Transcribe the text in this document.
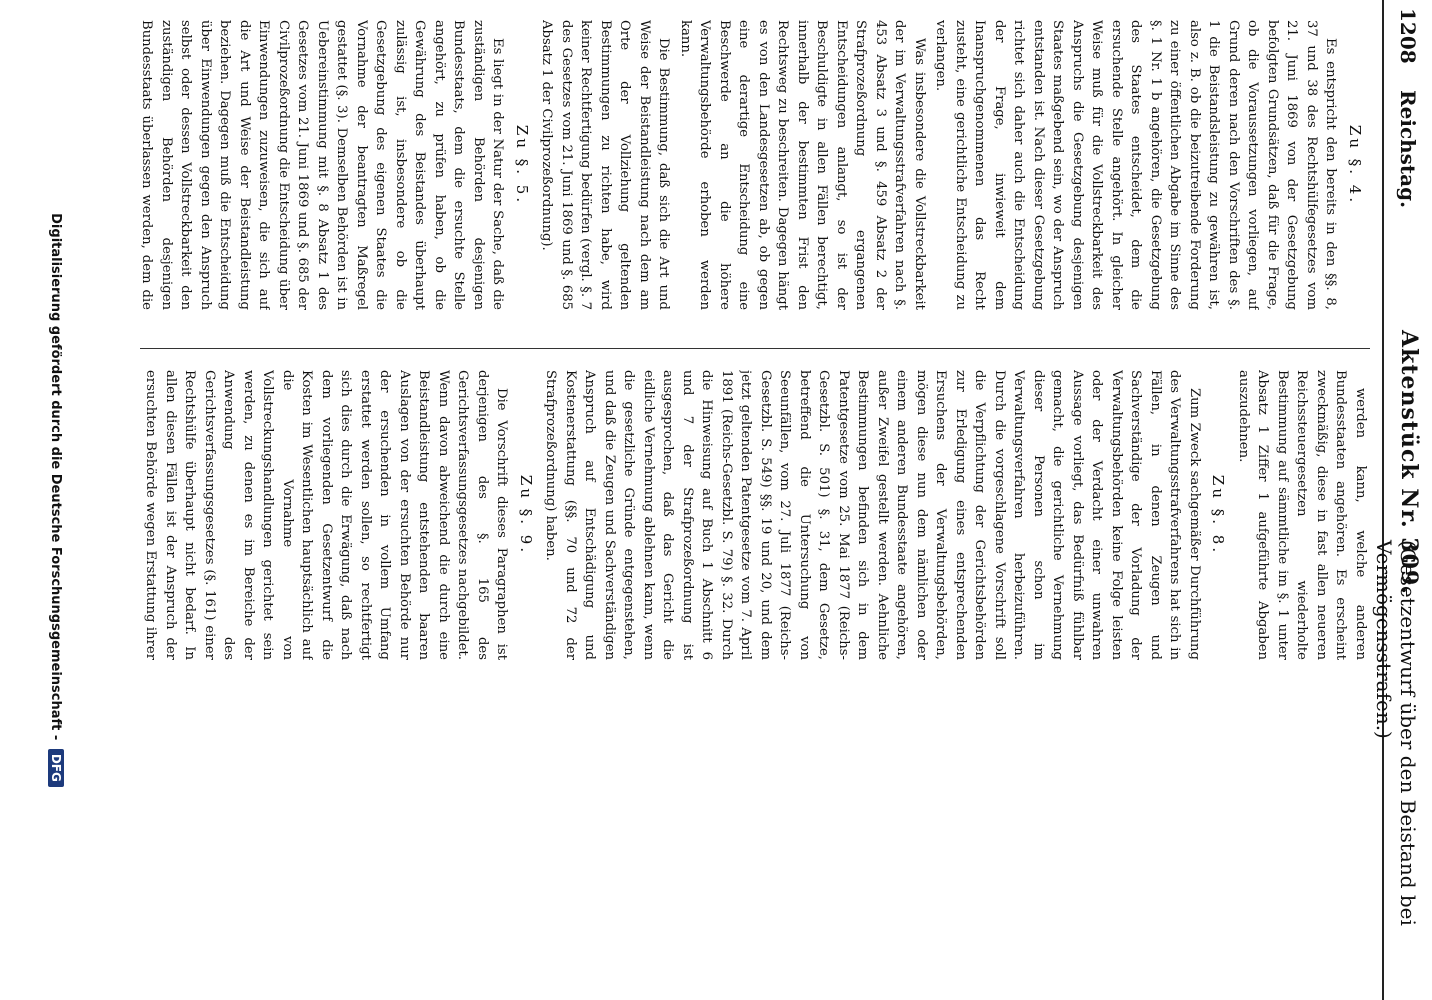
1208
Reichstag.
Aktenstück Nr. 309.
(Gesetzentwurf über den Beistand bei Vermögensstrafen.)
Zu §. 4.
Es entspricht den bereits in den §§. 8, 37 und 38 des Rechtshülfegesetzes vom 21. Juni 1869 von der Gesetzgebung befolgten Grundsätzen, daß für die Frage, ob die Voraussetzungen vorliegen, auf Grund deren nach den Vorschriften des §. 1 die Beistandsleistung zu gewähren ist, also z. B. ob die beizutreibende Forderung zu einer öffentlichen Abgabe im Sinne des §. 1 Nr. 1 b angehören, die Gesetzgebung des Staates entscheidet, dem die ersuchende Stelle angehört. In gleicher Weise muß für die Vollstreckbarkeit des Anspruchs die Gesetzgebung desjenigen Staates maßgebend sein, wo der Anspruch entstanden ist. Nach dieser Gesetzgebung richtet sich daher auch die Entscheidung der Frage, inwieweit dem Inanspruchgenommenen das Recht zusteht, eine gerichtliche Entscheidung zu verlangen.
Was insbesondere die Vollstreckbarkeit der im Verwaltungsstrafverfahren nach §. 453 Absatz 3 und §. 459 Absatz 2 der Strafprozeßordnung ergangenen Entscheidungen anlangt, so ist der Beschuldigte in allen Fällen berechtigt, innerhalb der bestimmten Frist den Rechtsweg zu beschreiten. Dagegen hängt es von den Landesgesetzen ab, ob gegen eine derartige Entscheidung eine Beschwerde an die höhere Verwaltungsbehörde erhoben werden kann.
Die Bestimmung, daß sich die Art und Weise der Beistandleistung nach dem am Orte der Vollziehung geltenden Bestimmungen zu richten habe, wird keiner Rechtfertigung bedürfen (vergl. §. 7 des Gesetzes vom 21. Juni 1869 und §. 685 Absatz 1 der Civilprozeßordnung).
Zu §. 5.
Es liegt in der Natur der Sache, daß die zuständigen Behörden desjenigen Bundesstaats, dem die ersuchte Stelle angehört, zu prüfen haben, ob die Gewährung des Beistandes überhaupt zulässig ist, insbesondere ob die Gesetzgebung des eigenen Staates die Vornahme der beantragten Maßregel gestattet (§. 3). Demselben Behörden ist in Uebereinstimmung mit §. 8 Absatz 1 des Gesetzes vom 21. Juni 1869 und §. 685 der Civilprozeßordnung die Entscheidung über Einwendungen zuzuweisen, die sich auf die Art und Weise der Beistandleistung beziehen. Dagegen muß die Entscheidung über Einwendungen gegen den Anspruch selbst oder dessen Vollstreckbarkeit den zuständigen Behörden desjenigen Bundesstaats überlassen werden, dem die
werden kann, welche anderen Bundesstaaten angehören. Es erscheint zweckmäßig, diese in fast allen neueren Reichssteuergesetzen wiederholte Bestimmung auf sämmtliche im §. 1 unter Absatz 1 Ziffer 1 aufgeführte Abgaben auszudehnen.
Zu §. 8.
Zum Zweck sachgemäßer Durchführung des Verwaltungsstrafverfahrens hat sich in Fällen, in denen Zeugen und Sachverständige der Vorladung der Verwaltungsbehörden keine Folge leisten oder der Verdacht einer unwahren Aussage vorliegt, das Bedürfniß fühlbar gemacht, die gerichtliche Vernehmung dieser Personen schon im Verwaltungsverfahren herbeizuführen. Durch die vorgeschlagene Vorschrift soll die Verpflichtung der Gerichtsbehörden zur Erledigung eines entsprechenden Ersuchens der Verwaltungsbehörden, mögen diese nun dem nämlichen oder einem anderen Bundesstaate angehören, außer Zweifel gestellt werden. Aehnliche Bestimmungen befinden sich in dem Patentgesetze vom 25. Mai 1877 (Reichs-Gesetzbl. S. 501) §. 31, dem Gesetze, betreffend die Untersuchung von Seeunfällen, vom 27. Juli 1877 (Reichs-Gesetzbl. S. 549) §§. 19 und 20, und dem jetzt geltenden Patentgesetze vom 7. April 1891 (Reichs-Gesetzbl. S. 79) §. 32. Durch die Hinweisung auf Buch 1 Abschnitt 6 und 7 der Strafprozeßordnung ist ausgesprochen, daß das Gericht die eidliche Vernehmung ablehnen kann, wenn die gesetzliche Gründe entgegenstehen, und daß die Zeugen und Sachverständigen Anspruch auf Entschädigung und Kostenerstattung (§§. 70 und 72 der Strafprozeßordnung) haben.
Zu §. 9.
Die Vorschrift dieses Paragraphen ist derjenigen des §. 165 des Gerichtsverfassungsgesetzes nachgebildet. Wenn davon abweichend die durch eine Beistandleistung entstehenden baaren Auslagen von der ersuchten Behörde nur der ersuchenden in vollem Umfang erstattet werden sollen, so rechtfertigt sich dies durch die Erwägung, daß nach dem vorliegenden Gesetzentwurf die Kosten im Wesentlichen hauptsächlich auf die Vornahme von Vollstreckungshandlungen gerichtet sein werden, zu denen es im Bereiche der Anwendung des Gerichtsverfassungsgesetzes (§. 161) einer Rechtshülfe überhaupt nicht bedarf. In allen diesen Fällen ist der Anspruch der ersuchten Behörde wegen Erstattung ihrer
Digitalisierung gefördert durch die Deutsche Forschungsgemeinschaft - DFG
